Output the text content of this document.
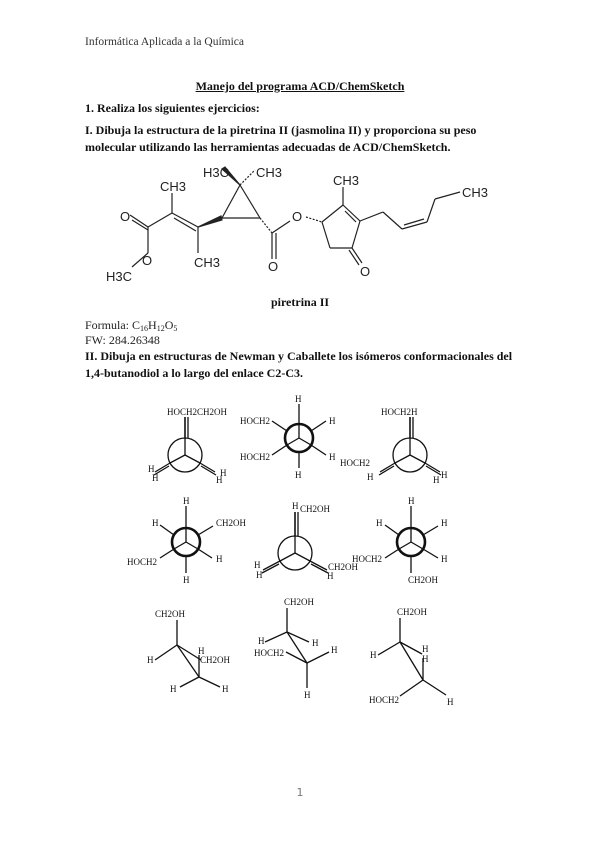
Informática Aplicada a la Química
Manejo del programa ACD/ChemSketch
1. Realiza los siguientes ejercicios:
I. Dibuja la estructura de la piretrina II (jasmolina II) y proporciona su peso molecular utilizando las herramientas adecuadas de ACD/ChemSketch.
H3C CH3
CH3
O
O
H3C
CH3	O
O
CH3
CH3
O
piretrina II
Formula: $C_{16}H_{12}O_5$
FW: 284.26348
II. Dibuja en estructuras de Newman y Caballete los isómeros conformacionales del 1,4-butanodiol a lo largo del enlace C2-C3.
HOCH2CH2OH
H
H	H
H
H
HOCH2	H
HOCH2	H
H
HOCH2H
HOCH2
H	H H
H
H	CH2OH
HOCH2	H
H
H CH2OH
H
H
CH2OH
H
H
H	H
HOCH2	H
CH2OH
CH2OH
H
H
CH2OH
H	H
CH2OH
H	H
HOCH2	H
H
CH2OH
H
H
H
HOCH2	H
1
